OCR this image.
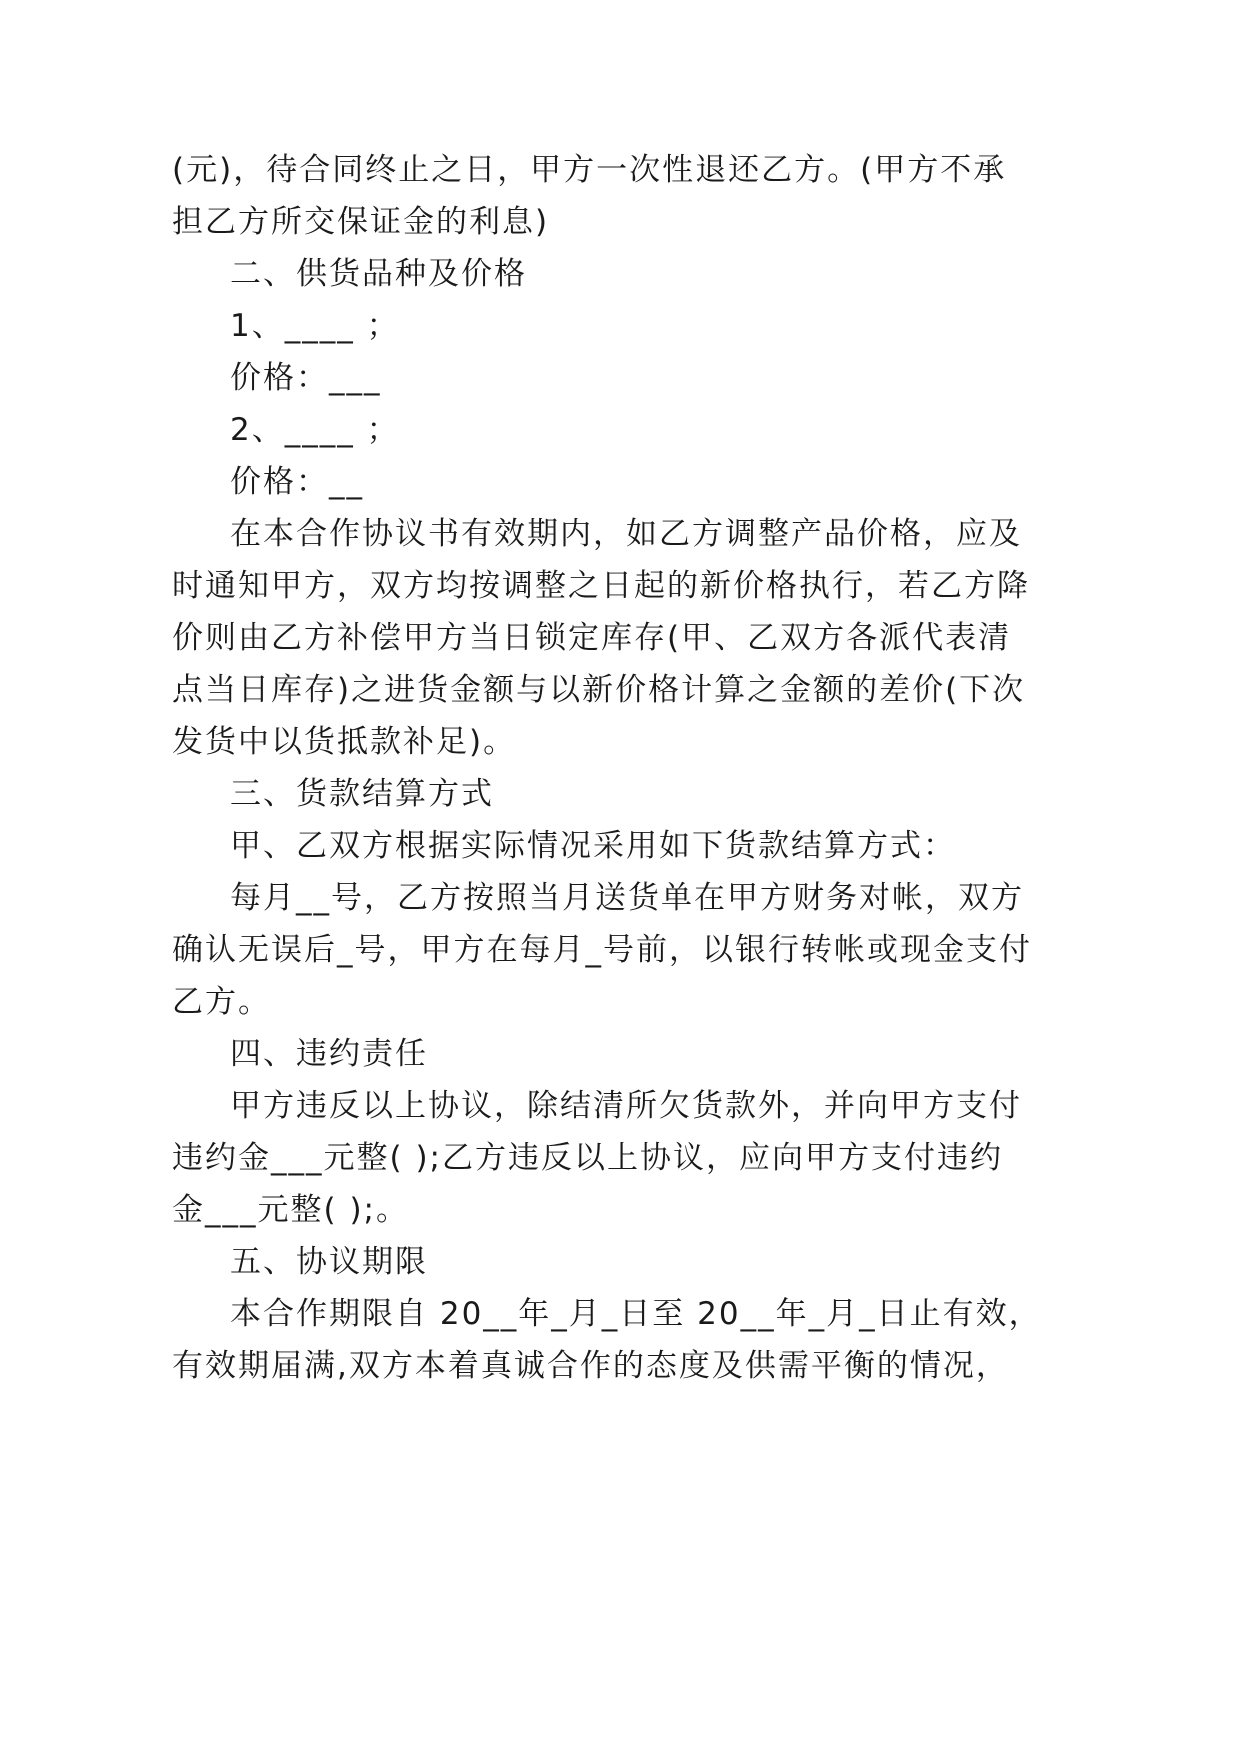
(元)，待合同终止之日，甲方一次性退还乙方。(甲方不承
担乙方所交保证金的利息)
二、供货品种及价格
1、____ ；
价格：___
2、____ ；
价格：__
在本合作协议书有效期内，如乙方调整产品价格，应及
时通知甲方，双方均按调整之日起的新价格执行，若乙方降
价则由乙方补偿甲方当日锁定库存(甲、乙双方各派代表清
点当日库存)之进货金额与以新价格计算之金额的差价(下次
发货中以货抵款补足)。
三、货款结算方式
甲、乙双方根据实际情况采用如下货款结算方式：
每月__号，乙方按照当月送货单在甲方财务对帐，双方
确认无误后_号，甲方在每月_号前，以银行转帐或现金支付
乙方。
四、违约责任
甲方违反以上协议，除结清所欠货款外，并向甲方支付
违约金___元整( );乙方违反以上协议，应向甲方支付违约
金___元整( );。
五、协议期限
本合作期限自 20__年_月_日至 20__年_月_日止有效，
有效期届满,双方本着真诚合作的态度及供需平衡的情况，
